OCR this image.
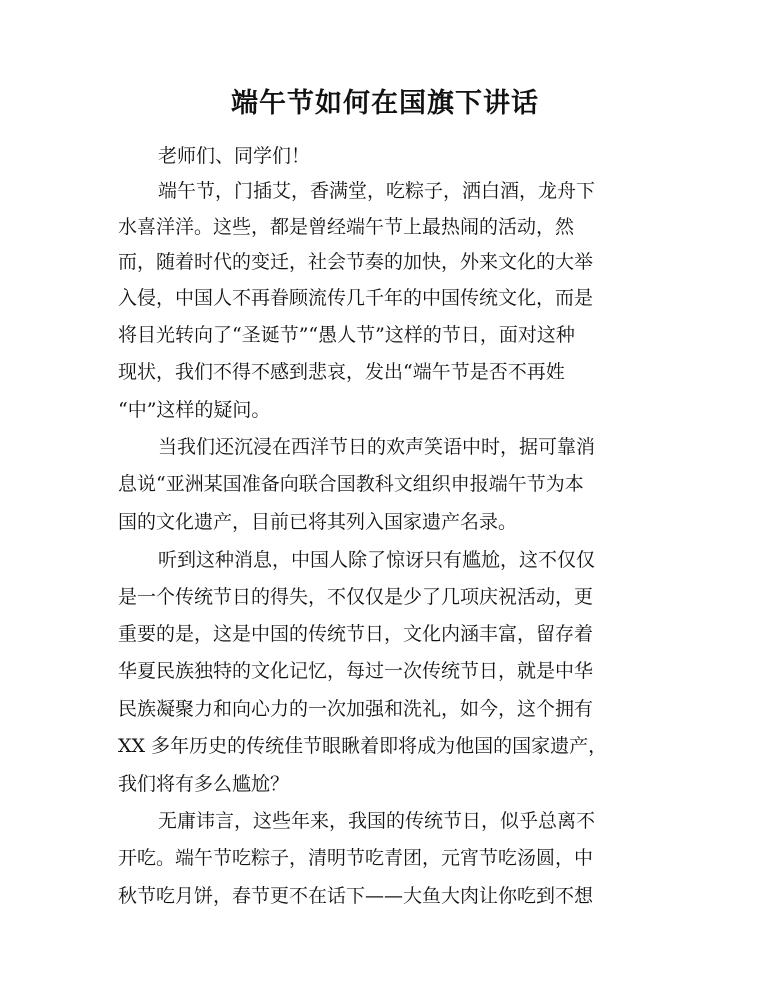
端午节如何在国旗下讲话
老师们、同学们！
端午节，门插艾，香满堂，吃粽子，洒白酒，龙舟下
水喜洋洋。这些，都是曾经端午节上最热闹的活动，然
而，随着时代的变迁，社会节奏的加快，外来文化的大举
入侵，中国人不再眷顾流传几千年的中国传统文化，而是
将目光转向了“圣诞节”“愚人节”这样的节日，面对这种
现状，我们不得不感到悲哀，发出“端午节是否不再姓
“中”这样的疑问。
当我们还沉浸在西洋节日的欢声笑语中时，据可靠消
息说“亚洲某国准备向联合国教科文组织申报端午节为本
国的文化遗产，目前已将其列入国家遗产名录。
听到这种消息，中国人除了惊讶只有尴尬，这不仅仅
是一个传统节日的得失，不仅仅是少了几项庆祝活动，更
重要的是，这是中国的传统节日，文化内涵丰富，留存着
华夏民族独特的文化记忆，每过一次传统节日，就是中华
民族凝聚力和向心力的一次加强和洗礼，如今，这个拥有
XX 多年历史的传统佳节眼瞅着即将成为他国的国家遗产，
我们将有多么尴尬？
无庸讳言，这些年来，我国的传统节日，似乎总离不
开吃。端午节吃粽子，清明节吃青团，元宵节吃汤圆，中
秋节吃月饼，春节更不在话下——大鱼大肉让你吃到不想
